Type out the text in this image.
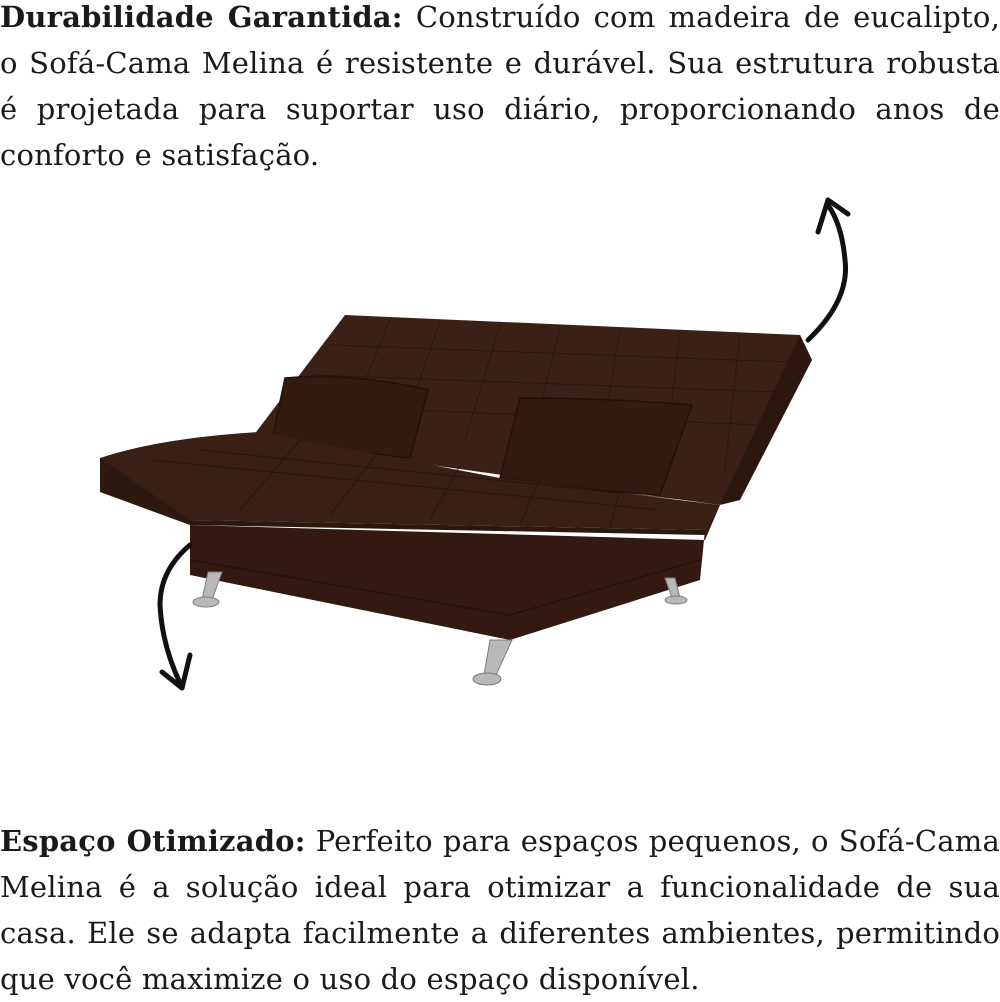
Durabilidade Garantida: Construído com madeira de eucalipto, o Sofá-Cama Melina é resistente e durável. Sua estrutura robusta é projetada para suportar uso diário, proporcionando anos de conforto e satisfação.
Espaço Otimizado: Perfeito para espaços pequenos, o Sofá-Cama Melina é a solução ideal para otimizar a funcionalidade de sua casa. Ele se adapta facilmente a diferentes ambientes, permitindo que você maximize o uso do espaço disponível.
